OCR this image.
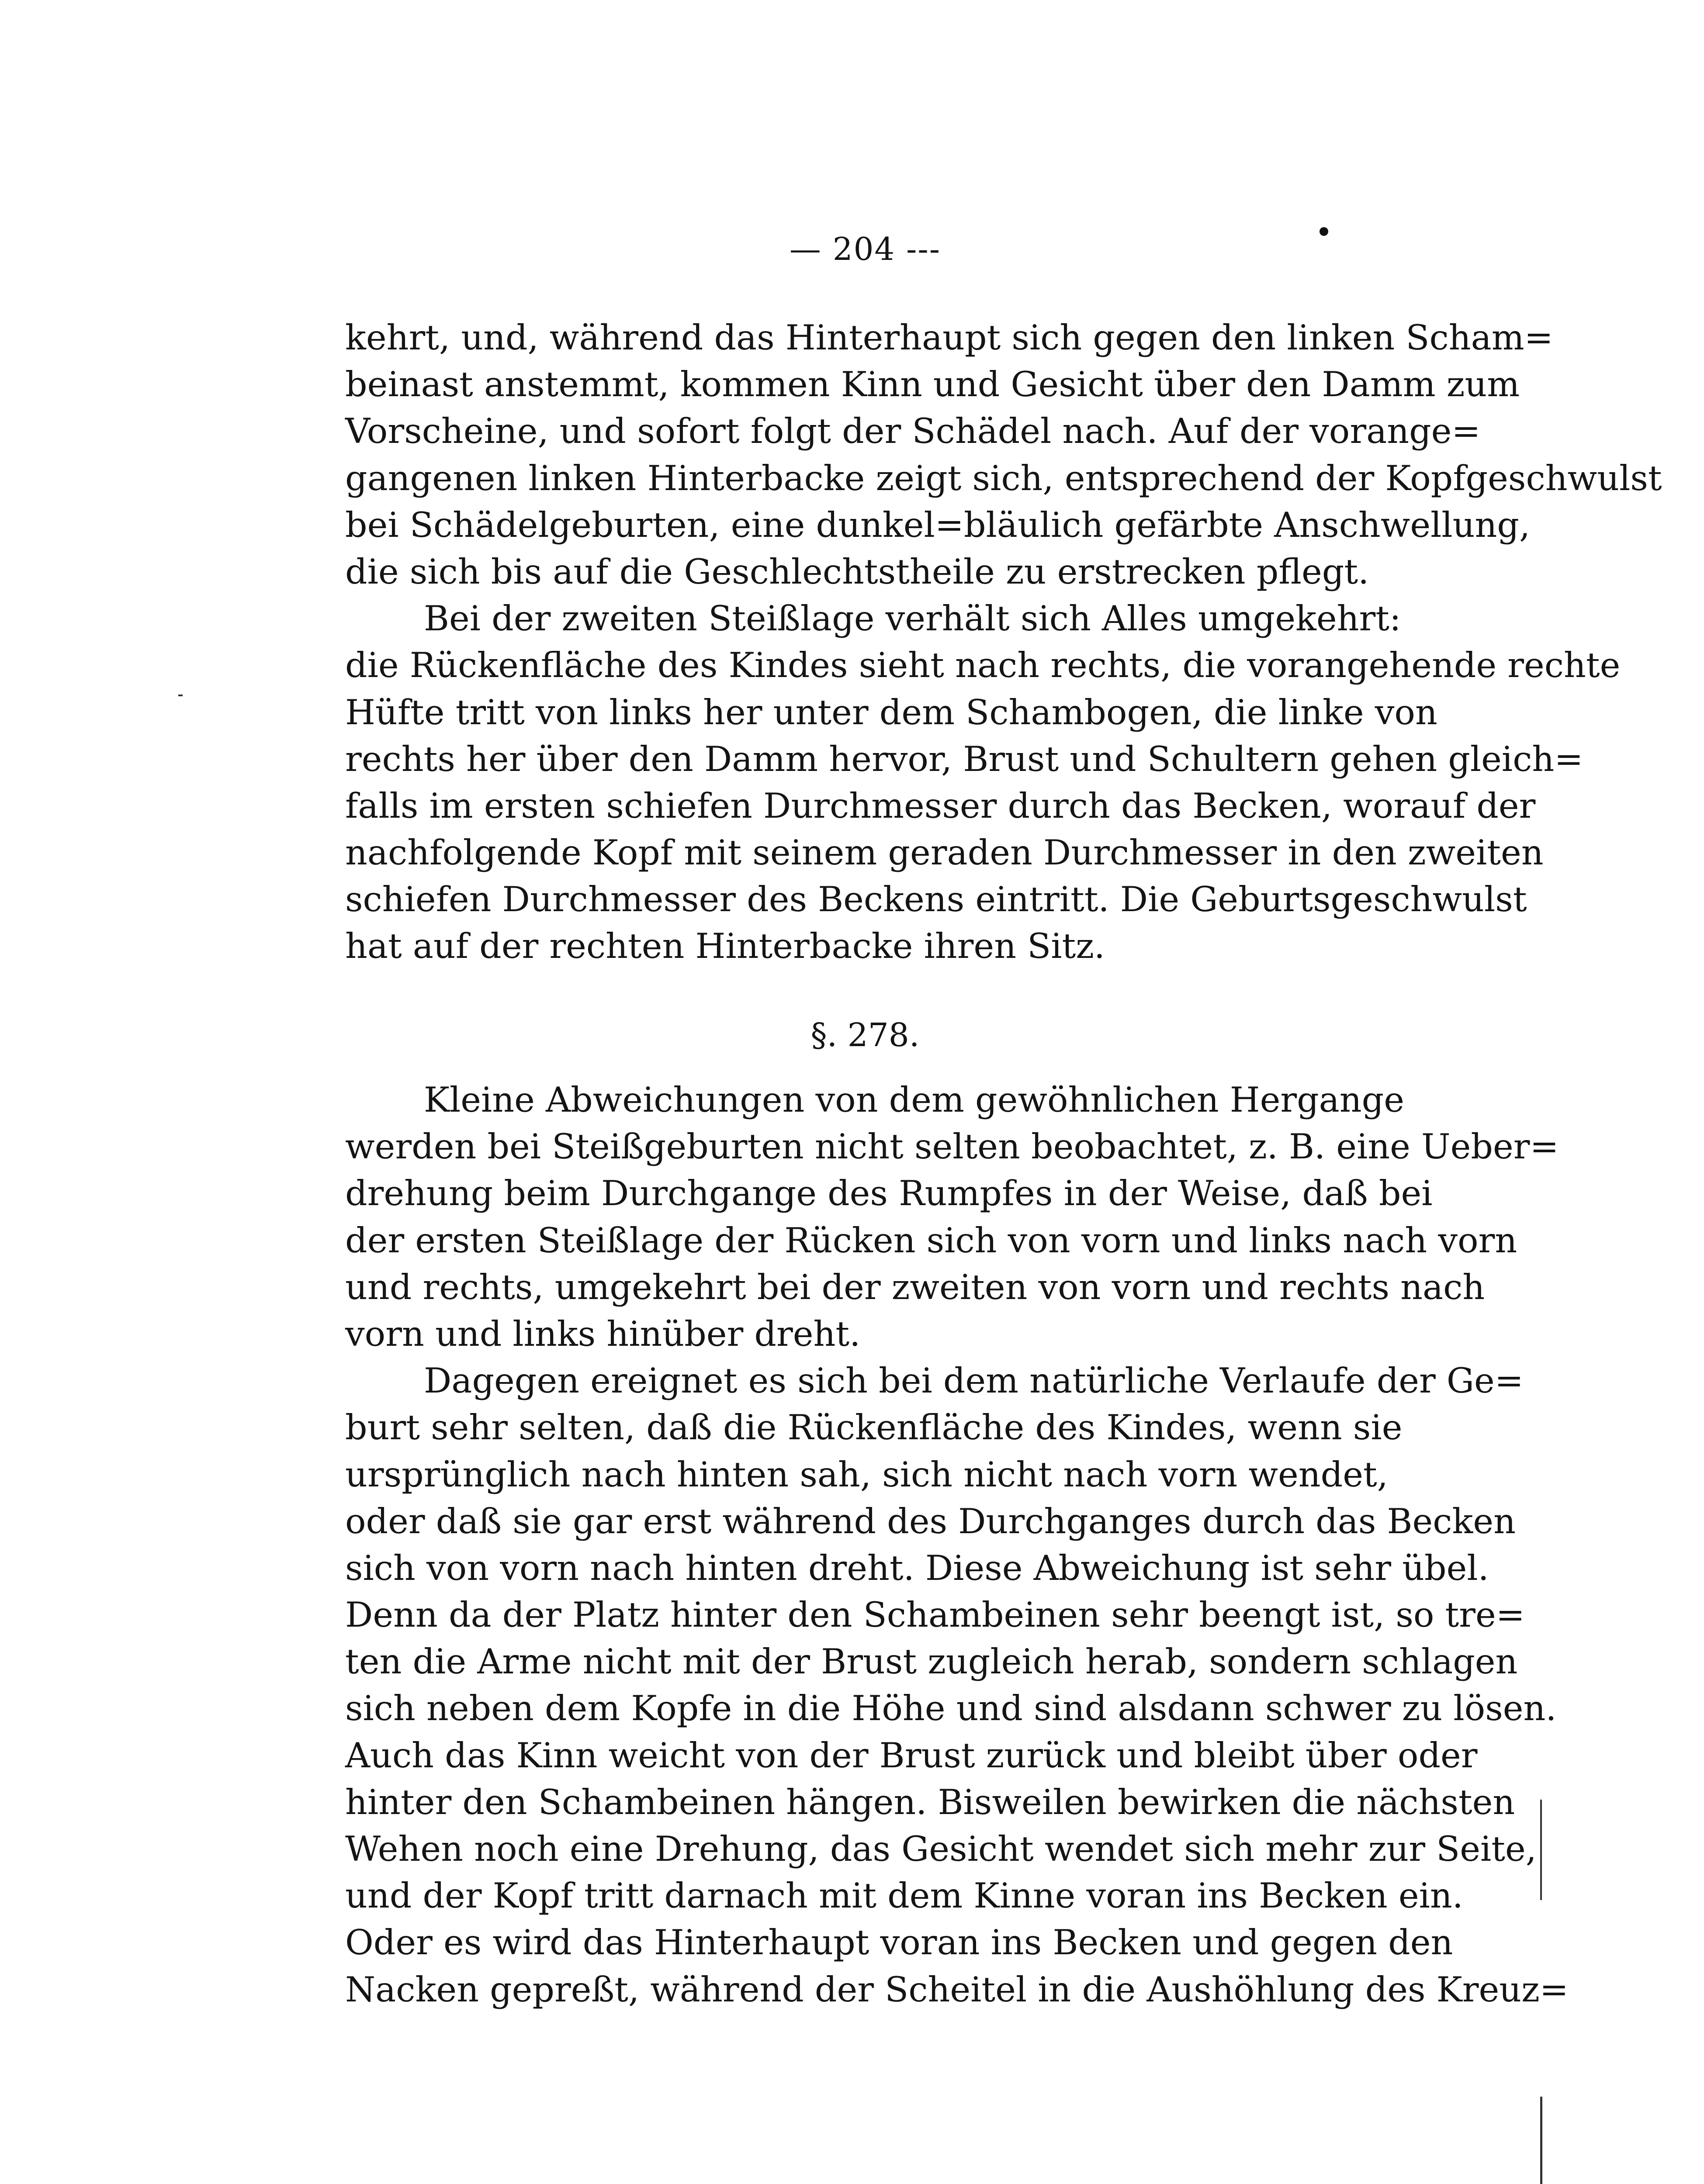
— 204 ---
kehrt, und, während das Hinterhaupt sich gegen den linken Scham=
beinast anstemmt, kommen Kinn und Gesicht über den Damm zum
Vorscheine, und sofort folgt der Schädel nach. Auf der vorange=
gangenen linken Hinterbacke zeigt sich, entsprechend der Kopfgeschwulst
bei Schädelgeburten, eine dunkel=bläulich gefärbte Anschwellung,
die sich bis auf die Geschlechtstheile zu erstrecken pflegt.
Bei der zweiten Steißlage verhält sich Alles umgekehrt:
die Rückenfläche des Kindes sieht nach rechts, die vorangehende rechte
Hüfte tritt von links her unter dem Schambogen, die linke von
rechts her über den Damm hervor, Brust und Schultern gehen gleich=
falls im ersten schiefen Durchmesser durch das Becken, worauf der
nachfolgende Kopf mit seinem geraden Durchmesser in den zweiten
schiefen Durchmesser des Beckens eintritt. Die Geburtsgeschwulst
hat auf der rechten Hinterbacke ihren Sitz.
§. 278.
Kleine Abweichungen von dem gewöhnlichen Hergange
werden bei Steißgeburten nicht selten beobachtet, z. B. eine Ueber=
drehung beim Durchgange des Rumpfes in der Weise, daß bei
der ersten Steißlage der Rücken sich von vorn und links nach vorn
und rechts, umgekehrt bei der zweiten von vorn und rechts nach
vorn und links hinüber dreht.
Dagegen ereignet es sich bei dem natürliche Verlaufe der Ge=
burt sehr selten, daß die Rückenfläche des Kindes, wenn sie
ursprünglich nach hinten sah, sich nicht nach vorn wendet,
oder daß sie gar erst während des Durchganges durch das Becken
sich von vorn nach hinten dreht. Diese Abweichung ist sehr übel.
Denn da der Platz hinter den Schambeinen sehr beengt ist, so tre=
ten die Arme nicht mit der Brust zugleich herab, sondern schlagen
sich neben dem Kopfe in die Höhe und sind alsdann schwer zu lösen.
Auch das Kinn weicht von der Brust zurück und bleibt über oder
hinter den Schambeinen hängen. Bisweilen bewirken die nächsten
Wehen noch eine Drehung, das Gesicht wendet sich mehr zur Seite,
und der Kopf tritt darnach mit dem Kinne voran ins Becken ein.
Oder es wird das Hinterhaupt voran ins Becken und gegen den
Nacken gepreßt, während der Scheitel in die Aushöhlung des Kreuz=
